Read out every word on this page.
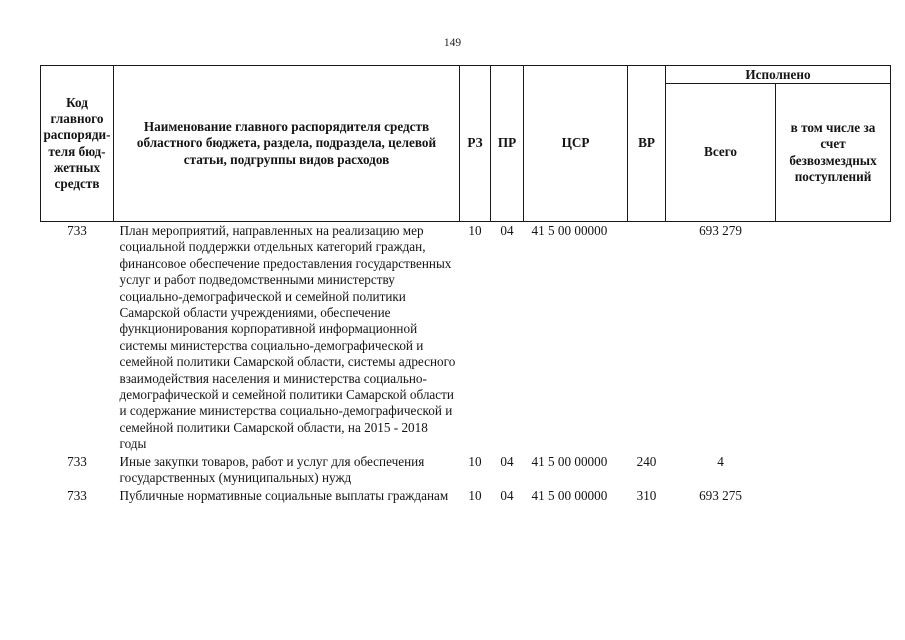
149
Код главного распорядителя бюджетных средств	Наименование главного распорядителя средств областного бюджета, раздела, подраздела, целевой статьи, подгруппы видов расходов	РЗ	ПР	ЦСР	ВР	Исполнено	
						Всего	в том числе за счет безвозмездных поступлений
733	План мероприятий, направленных на реализацию мер социальной поддержки отдельных категорий граждан, финансовое обеспечение предоставления государственных услуг и работ подведомственными министерству социально-демографической и семейной политики Самарской области учреждениями, обеспечение функционирования корпоративной информационной системы министерства социально-демографической и семейной политики Самарской области, системы адресного взаимодействия населения и министерства социально-демографической и семейной политики Самарской области и содержание министерства социально-демографической и семейной политики Самарской области, на 2015 - 2018 годы	10	04	41 5 00 00000		693 279	
733	Иные закупки товаров, работ и услуг для обеспечения государственных (муниципальных) нужд	10	04	41 5 00 00000	240	4	
733	Публичные нормативные социальные выплаты гражданам	10	04	41 5 00 00000	310	693 275	
